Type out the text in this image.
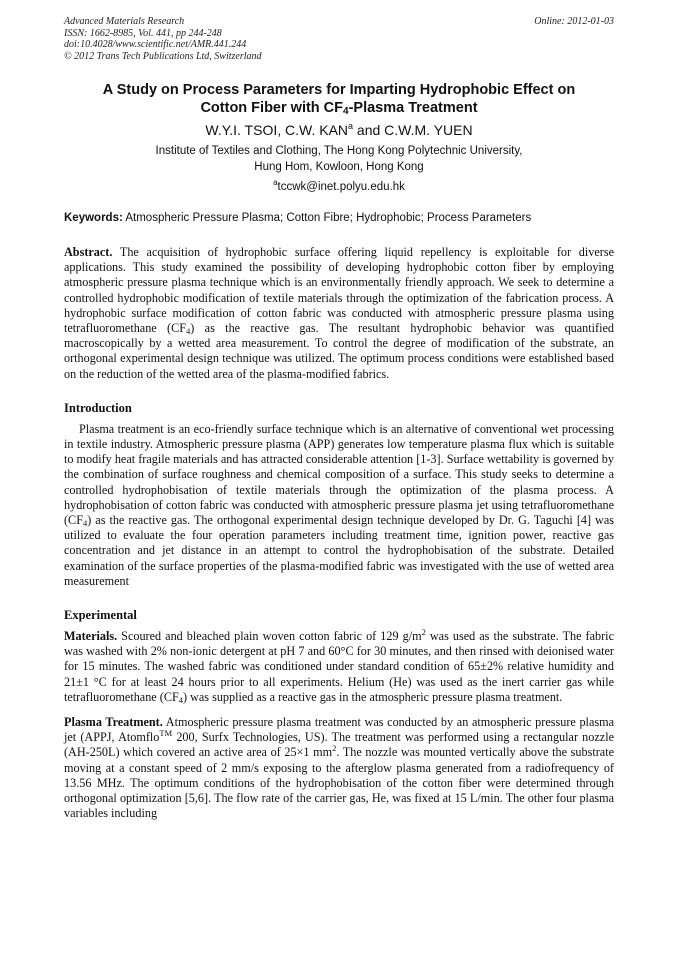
Advanced Materials Research
ISSN: 1662-8985, Vol. 441, pp 244-248
doi:10.4028/www.scientific.net/AMR.441.244
© 2012 Trans Tech Publications Ltd, Switzerland
Online: 2012-01-03
A Study on Process Parameters for Imparting Hydrophobic Effect on
Cotton Fiber with $CF_4$-Plasma Treatment
W.Y.I. TSOI, C.W. KAN$^a$ and C.W.M. YUEN
Institute of Textiles and Clothing, The Hong Kong Polytechnic University,
Hung Hom, Kowloon, Hong Kong
$^a$tccwk@inet.polyu.edu.hk
Keywords: Atmospheric Pressure Plasma; Cotton Fibre; Hydrophobic; Process Parameters

Abstract. The acquisition of hydrophobic surface offering liquid repellency is exploitable for diverse applications. This study examined the possibility of developing hydrophobic cotton fiber by employing atmospheric pressure plasma technique which is an environmentally friendly approach. We seek to determine a controlled hydrophobic modification of textile materials through the optimization of the fabrication process. A hydrophobic surface modification of cotton fabric was conducted with atmospheric pressure plasma using tetrafluoromethane $(CF_4)$ as the reactive gas. The resultant hydrophobic behavior was quantified macroscopically by a wetted area measurement. To control the degree of modification of the substrate, an orthogonal experimental design technique was utilized. The optimum process conditions were established based on the reduction of the wetted area of the plasma-modified fabrics.

Introduction

Plasma treatment is an eco-friendly surface technique which is an alternative of conventional wet processing in textile industry. Atmospheric pressure plasma (APP) generates low temperature plasma flux which is suitable to modify heat fragile materials and has attracted considerable attention [1-3]. Surface wettability is governed by the combination of surface roughness and chemical composition of a surface. This study seeks to determine a controlled hydrophobisation of textile materials through the optimization of the plasma process. A hydrophobisation of cotton fabric was conducted with atmospheric pressure plasma jet using tetrafluoromethane $(CF_4)$ as the reactive gas. The orthogonal experimental design technique developed by Dr. G. Taguchi [4] was utilized to evaluate the four operation parameters including treatment time, ignition power, reactive gas concentration and jet distance in an attempt to control the hydrophobisation of the substrate. Detailed examination of the surface properties of the plasma-modified fabric was investigated with the use of wetted area measurement

Experimental

Materials. Scoured and bleached plain woven cotton fabric of 129 $g/m^2$ was used as the substrate. The fabric was washed with 2% non-ionic detergent at pH 7 and 60°C for 30 minutes, and then rinsed with deionised water for 15 minutes. The washed fabric was conditioned under standard condition of 65±2% relative humidity and 21±1 °C for at least 24 hours prior to all experiments. Helium (He) was used as the inert carrier gas while tetrafluoromethane $(CF_4)$ was supplied as a reactive gas in the atmospheric pressure plasma treatment.

Plasma Treatment. Atmospheric pressure plasma treatment was conducted by an atmospheric pressure plasma jet (APPJ, Atomflo™ 200, Surfx Technologies, US). The treatment was performed using a rectangular nozzle (AH-250L) which covered an active area of 25×1 $mm^2$. The nozzle was mounted vertically above the substrate moving at a constant speed of 2 mm/s exposing to the afterglow plasma generated from a radiofrequency of 13.56 MHz. The optimum conditions of the hydrophobisation of the cotton fiber were determined through orthogonal optimization [5,6]. The flow rate of the carrier gas, He, was fixed at 15 L/min. The other four plasma variables including
